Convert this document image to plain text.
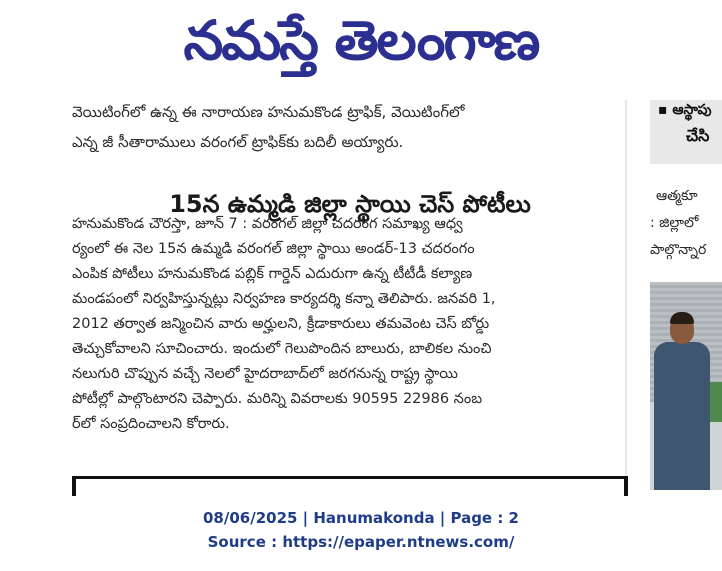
నమస్తే తెలంగాణ
వెయిటింగ్‌లో ఉన్న ఈ నారాయణ హనుమకొండ ట్రాఫిక్, వెయిటింగ్‌లో
ఎన్న జీ సీతారాములు వరంగల్ ట్రాఫిక్‌కు బదిలీ అయ్యారు.
15న ఉమ్మడి జిల్లా స్థాయి చెస్ పోటీలు
హనుమకొండ చౌరస్తా, జూన్ 7 : వరంగల్ జిల్లా చదరంగ సమాఖ్య ఆధ్వ
ర్యంలో ఈ నెల 15న ఉమ్మడి వరంగల్ జిల్లా స్థాయి అండర్-13 చదరంగం
ఎంపిక పోటీలు హనుమకొండ పబ్లిక్ గార్డెన్ ఎదురుగా ఉన్న టీటీడీ కల్యాణ
మండపంలో నిర్వహిస్తున్నట్లు నిర్వహణ కార్యదర్శి కన్నా తెలిపారు. జనవరి 1,
2012 తర్వాత జన్మించిన వారు అర్హులని, క్రీడాకారులు తమవెంట చెస్ బోర్డు
తెచ్చుకోవాలని సూచించారు. ఇందులో గెలుపొందిన బాలురు, బాలికల నుంచి
నలుగురి చొప్పున వచ్చే నెలలో హైదరాబాద్‌లో జరగనున్న రాష్ట్ర స్థాయి
పోటీల్లో పాల్గొంటారని చెప్పారు. మరిన్ని వివరాలకు 90595 22986 నంబ
ర్‌లో సంప్రదించాలని కోరారు.
▪ ఆస్థాపు
చేసి
ఆత్మకూ
: జిల్లాలో
పాల్గొన్నార
08/06/2025 | Hanumakonda | Page : 2
Source : https://epaper.ntnews.com/
